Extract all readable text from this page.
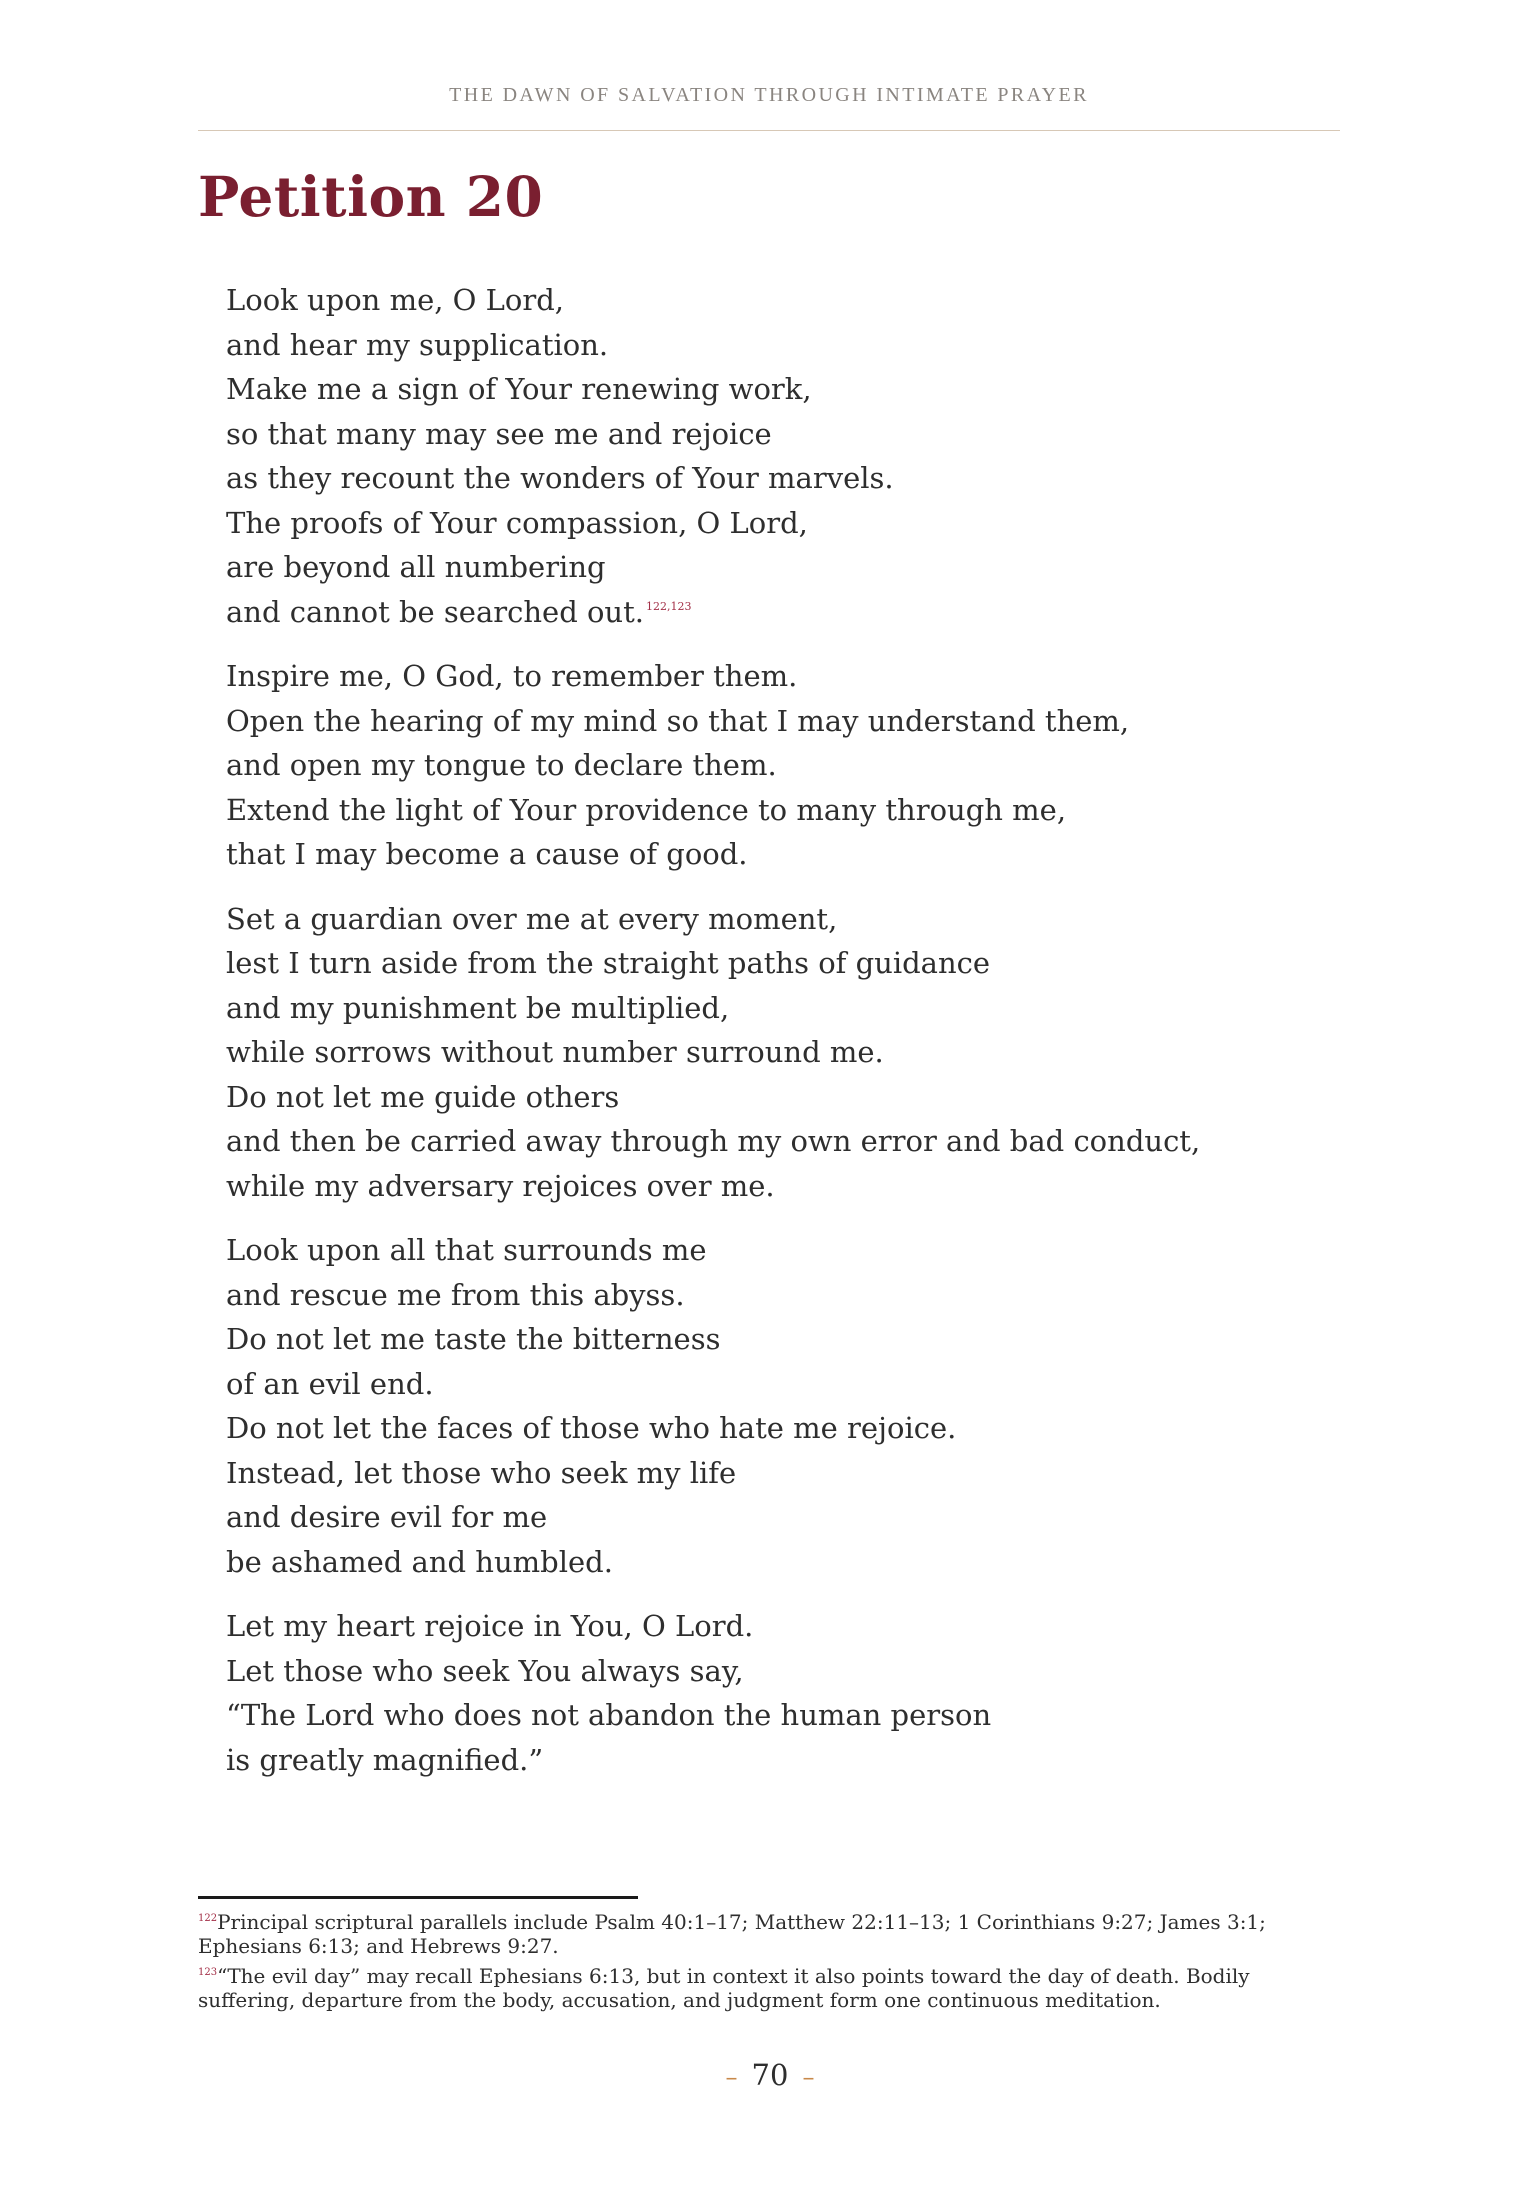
THE DAWN OF SALVATION THROUGH INTIMATE PRAYER
Petition 20
Look upon me, O Lord,
and hear my supplication.
Make me a sign of Your renewing work,
so that many may see me and rejoice
as they recount the wonders of Your marvels.
The proofs of Your compassion, O Lord,
are beyond all numbering
and cannot be searched out. $^{122,123}$
Inspire me, O God, to remember them.
Open the hearing of my mind so that I may understand them,
and open my tongue to declare them.
Extend the light of Your providence to many through me,
that I may become a cause of good.
Set a guardian over me at every moment,
lest I turn aside from the straight paths of guidance
and my punishment be multiplied,
while sorrows without number surround me.
Do not let me guide others
and then be carried away through my own error and bad conduct,
while my adversary rejoices over me.
Look upon all that surrounds me
and rescue me from this abyss.
Do not let me taste the bitterness
of an evil end.
Do not let the faces of those who hate me rejoice.
Instead, let those who seek my life
and desire evil for me
be ashamed and humbled.
Let my heart rejoice in You, O Lord.
Let those who seek You always say,
“The Lord who does not abandon the human person
is greatly magnified.”

$^{122}$Principal scriptural parallels include Psalm 40:1–17; Matthew 22:11–13; 1 Corinthians 9:27; James 3:1; Ephesians 6:13; and Hebrews 9:27.

$^{123}$“The evil day” may recall Ephesians 6:13, but in context it also points toward the day of death. Bodily suffering, departure from the body, accusation, and judgment form one continuous meditation.

– 70 –
